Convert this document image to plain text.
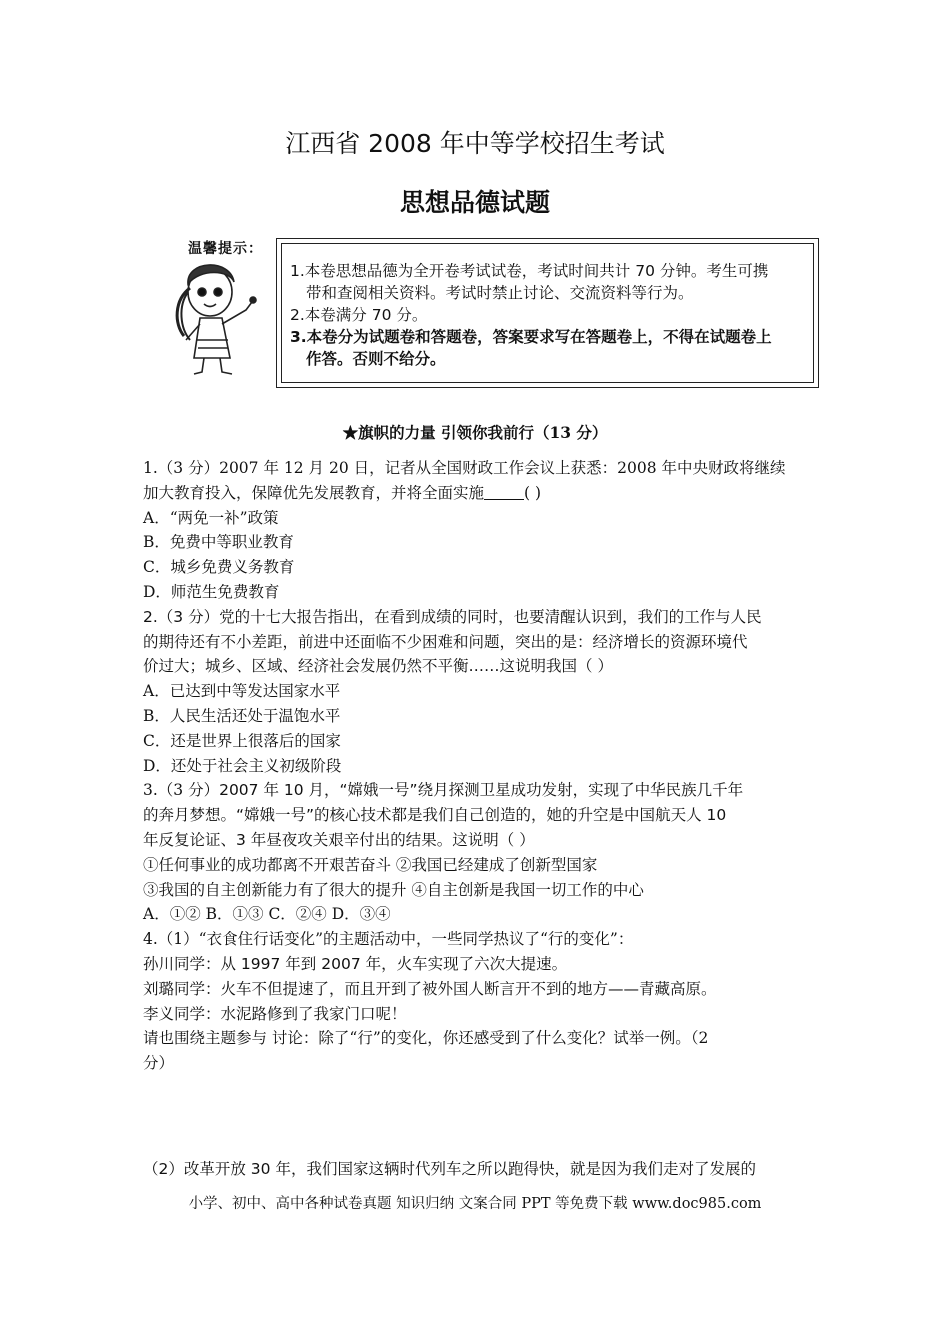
江西省 2008 年中等学校招生考试
思想品德试题
温馨提示：

1.本卷思想品德为全开卷考试试卷，考试时间共计 70 分钟。考生可携
带和查阅相关资料。考试时禁止讨论、交流资料等行为。

2.本卷满分 70 分。

3.本卷分为试题卷和答题卷，答案要求写在答题卷上，不得在试题卷上
作答。否则不给分。

★旗帜的力量 引领你我前行（13 分）

1.（3 分）2007 年 12 月 20 日，记者从全国财政工作会议上获悉：2008 年中央财政将继续

加大教育投入，保障优先发展教育，并将全面实施	( )

A．“两免一补”政策

B．免费中等职业教育

C．城乡免费义务教育

D．师范生免费教育

2.（3 分）党的十七大报告指出，在看到成绩的同时，也要清醒认识到，我们的工作与人民

的期待还有不小差距，前进中还面临不少困难和问题，突出的是：经济增长的资源环境代

价过大；城乡、区域、经济社会发展仍然不平衡……这说明我国（ ）

A．已达到中等发达国家水平

B．人民生活还处于温饱水平

C．还是世界上很落后的国家

D．还处于社会主义初级阶段

3.（3 分）2007 年 10 月，“嫦娥一号”绕月探测卫星成功发射，实现了中华民族几千年

的奔月梦想。“嫦娥一号”的核心技术都是我们自己创造的，她的升空是中国航天人 10

年反复论证、3 年昼夜攻关艰辛付出的结果。这说明（ ）

①任何事业的成功都离不开艰苦奋斗 ②我国已经建成了创新型国家

③我国的自主创新能力有了很大的提升 ④自主创新是我国一切工作的中心

A．①② B．①③ C．②④ D．③④

4.（1）“衣食住行话变化”的主题活动中，一些同学热议了“行的变化”：

孙川同学：从 1997 年到 2007 年，火车实现了六次大提速。

刘璐同学：火车不但提速了，而且开到了被外国人断言开不到的地方——青藏高原。

李义同学：水泥路修到了我家门口呢！

请也围绕主题参与 讨论：除了“行”的变化，你还感受到了什么变化？试举一例。（2

分）

（2）改革开放 30 年，我们国家这辆时代列车之所以跑得快，就是因为我们走对了发展的
小学、初中、高中各种试卷真题 知识归纳 文案合同 PPT 等免费下载 www.doc985.com
